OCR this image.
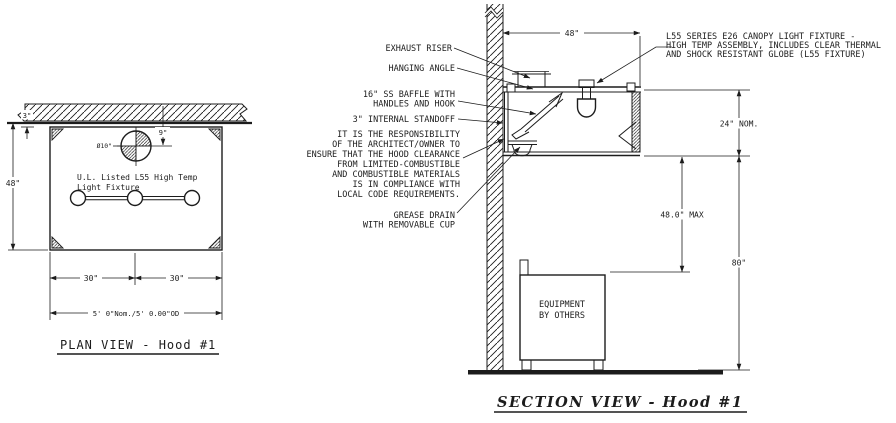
Ø10"
9"
3"
48"
U.L. Listed L55 High Temp
Light Fixture
30"	30"
5' 0"Nom./5' 0.00"OD
PLAN VIEW - Hood #1
EQUIPMENT
BY OTHERS
48"
24" NOM.
80"
48.0" MAX
EXHAUST RISER
HANGING ANGLE
16" SS BAFFLE WITH
HANDLES AND HOOK
3" INTERNAL STANDOFF
GREASE DRAIN
WITH REMOVABLE CUP
IT IS THE RESPONSIBILITY
OF THE ARCHITECT/OWNER TO
ENSURE THAT THE HOOD CLEARANCE
FROM LIMITED-COMBUSTIBLE
AND COMBUSTIBLE MATERIALS
IS IN COMPLIANCE WITH
LOCAL CODE REQUIREMENTS.
L55 SERIES E26 CANOPY LIGHT FIXTURE -
HIGH TEMP ASSEMBLY, INCLUDES CLEAR THERMAL
AND SHOCK RESISTANT GLOBE (L55 FIXTURE)
SECTION VIEW - Hood #1
